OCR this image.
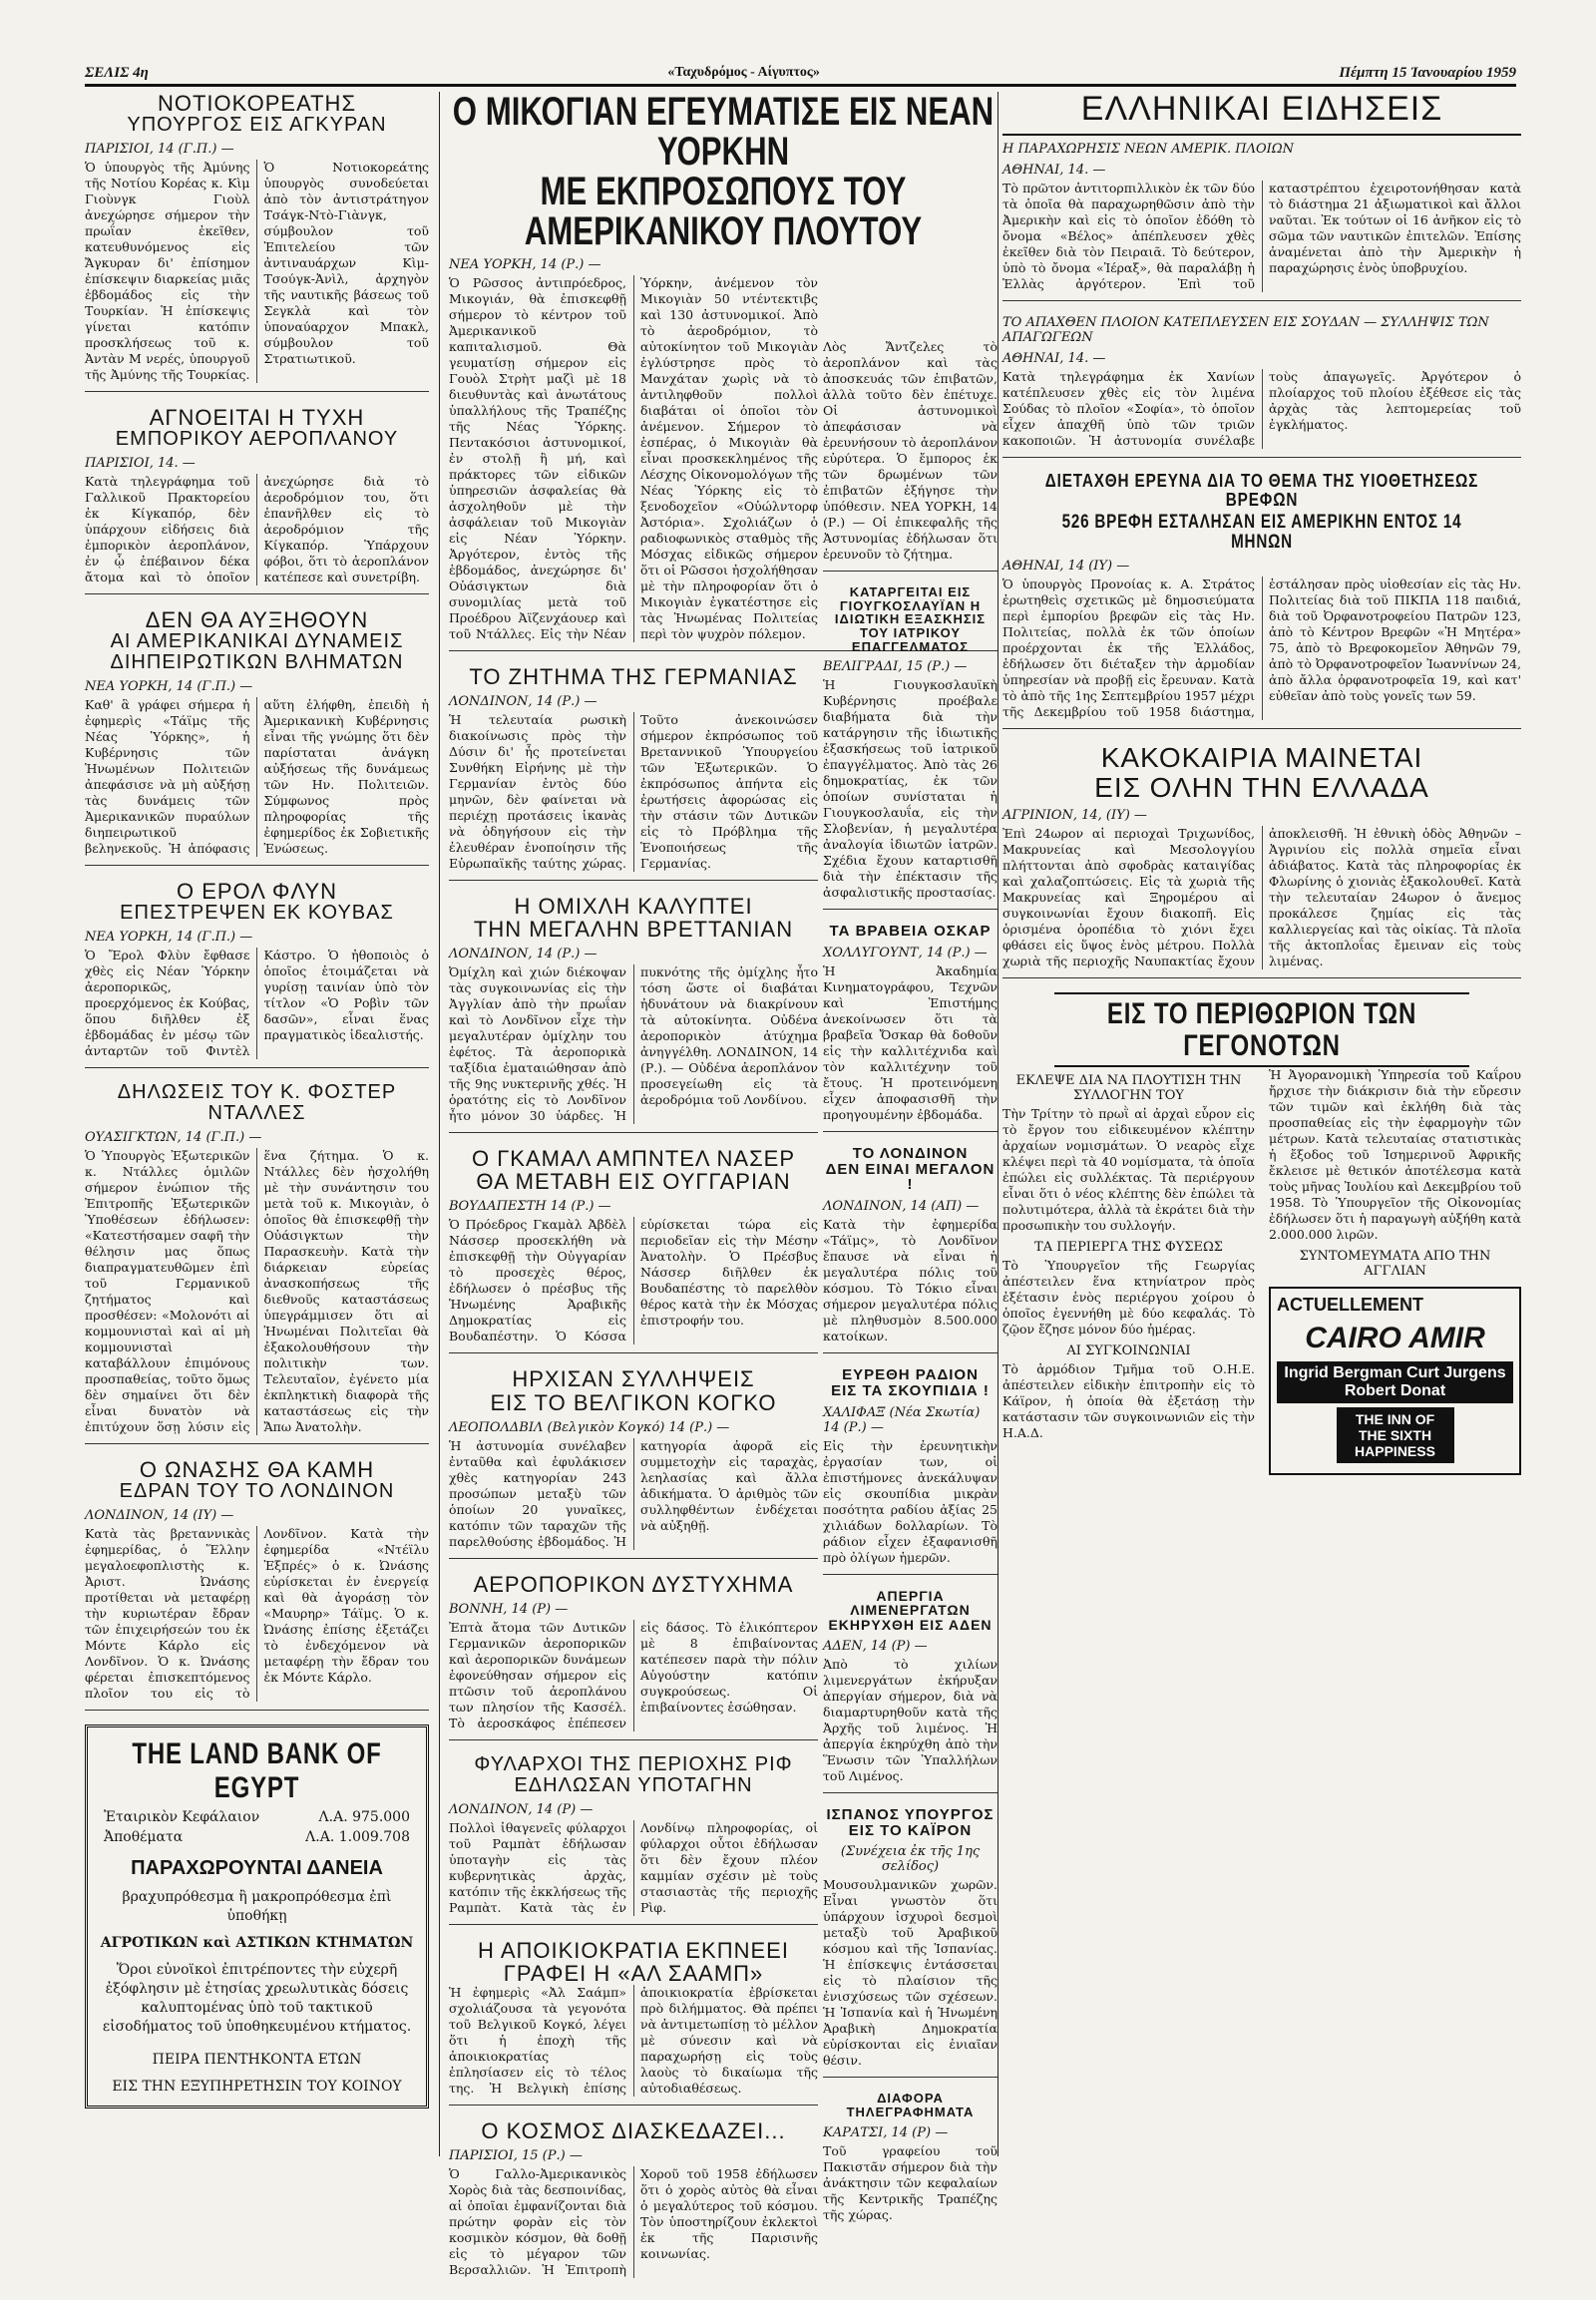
ΣΕΛΙΣ 4η	«Ταχυδρόμος - Αίγυπτος»	Πέμπτη 15 Ἰανουαρίου 1959
ΝΟΤΙΟΚΟΡΕΑΤΗΣ
ΥΠΟΥΡΓΟΣ ΕΙΣ ΑΓΚΥΡΑΝ
ΠΑΡΙΣΙΟΙ, 14 (Γ.Π.) —
Ὁ ὑπουργὸς τῆς Ἀμύνης τῆς Νοτίου Κορέας κ. Κὶμ Γιοὺνγκ Γιοὺλ ἀνεχώρησε σήμερον τὴν πρωΐαν ἐκεῖθεν, κατευθυνόμενος εἰς Ἄγκυραν δι' ἐπίσημον ἐπίσκεψιν διαρκείας μιᾶς ἑβδομάδος εἰς τὴν Τουρκίαν. Ἡ ἐπίσκεψις γίνεται κατόπιν προσκλήσεως τοῦ κ. Ἀντὰν Μ νερές, ὑπουργοῦ τῆς Ἀμύνης τῆς Τουρκίας. Ὁ Νοτιοκορεάτης ὑπουργὸς συνοδεύεται ἀπὸ τὸν ἀντιστράτηγον Τσάγκ-Ντὸ-Γιὰνγκ, σύμβουλον τοῦ Ἐπιτελείου τῶν ἀντιναυάρχων Κὶμ-Τσούγκ-Ἀνὶλ, ἀρχηγὸν τῆς ναυτικῆς βάσεως τοῦ Σεγκλὰ καὶ τὸν ὑποναύαρχον Μπακλ, σύμβουλον τοῦ Στρατιωτικοῦ.
ΑΓΝΟΕΙΤΑΙ Η ΤΥΧΗ
ΕΜΠΟΡΙΚΟΥ ΑΕΡΟΠΛΑΝΟΥ
ΠΑΡΙΣΙΟΙ, 14. —
Κατὰ τηλεγράφημα τοῦ Γαλλικοῦ Πρακτορείου ἐκ Κίγκαπόρ, δὲν ὑπάρχουν εἰδήσεις διὰ ἐμπορικὸν ἀεροπλάνον, ἐν ᾧ ἐπέβαινον δέκα ἄτομα καὶ τὸ ὁποῖον ἀνεχώρησε διὰ τὸ ἀεροδρόμιον του, ὅτι ἐπανῆλθεν εἰς τὸ ἀεροδρόμιον τῆς Κίγκαπόρ. Ὑπάρχουν φόβοι, ὅτι τὸ ἀεροπλάνον κατέπεσε καὶ συνετρίβη.
ΔΕΝ ΘΑ ΑΥΞΗΘΟΥΝ
ΑΙ ΑΜΕΡΙΚΑΝΙΚΑΙ ΔΥΝΑΜΕΙΣ
ΔΙΗΠΕΙΡΩΤΙΚΩΝ ΒΛΗΜΑΤΩΝ
ΝΕΑ ΥΟΡΚΗ, 14 (Γ.Π.) —
Καθ' ἃ γράφει σήμερα ἡ ἐφημερὶς «Τάϊμς τῆς Νέας Ὑόρκης», ἡ Κυβέρνησις τῶν Ἡνωμένων Πολιτειῶν ἀπεφάσισε νὰ μὴ αὐξήσῃ τὰς δυνάμεις τῶν Ἀμερικανικῶν πυραύλων διηπειρωτικοῦ βεληνεκοῦς. Ἡ ἀπόφασις αὕτη ἐλήφθη, ἐπειδὴ ἡ Ἀμερικανικὴ Κυβέρνησις εἶναι τῆς γνώμης ὅτι δὲν παρίσταται ἀνάγκη αὐξήσεως τῆς δυνάμεως τῶν Ην. Πολιτειῶν. Σύμφωνος πρὸς πληροφορίας τῆς ἐφημερίδος ἐκ Σοβιετικῆς Ἑνώσεως.
Ο ΕΡΟΛ ΦΛΥΝ
ΕΠΕΣΤΡΕΨΕΝ ΕΚ ΚΟΥΒΑΣ
ΝΕΑ ΥΟΡΚΗ, 14 (Γ.Π.) —
Ὁ Ἔρολ Φλὺν ἔφθασε χθὲς εἰς Νέαν Ὑόρκην ἀεροπορικῶς, προερχόμενος ἐκ Κούβας, ὅπου διῆλθεν ἐξ ἑβδομάδας ἐν μέσῳ τῶν ἀνταρτῶν τοῦ Φιντὲλ Κάστρο. Ὁ ἠθοποιὸς ὁ ὁποῖος ἑτοιμάζεται νὰ γυρίσῃ ταινίαν ὑπὸ τὸν τίτλον «Ὁ Ροβὶν τῶν δασῶν», εἶναι ἕνας πραγματικὸς ἰδεαλιστής.
ΔΗΛΩΣΕΙΣ ΤΟΥ Κ. ΦΟΣΤΕΡ ΝΤΑΛΛΕΣ
ΟΥΑΣΙΓΚΤΩΝ, 14 (Γ.Π.) —
Ὁ Ὑπουργὸς Ἐξωτερικῶν κ. Ντάλλες ὁμιλῶν σήμερον ἐνώπιον τῆς Ἐπιτροπῆς Ἐξωτερικῶν Ὑποθέσεων ἐδήλωσεν: «Κατεστήσαμεν σαφῆ τὴν θέλησιν μας ὅπως διαπραγματευθῶμεν ἐπὶ τοῦ Γερμανικοῦ ζητήματος καὶ προσθέσεν: «Μολονότι αἱ κομμουνισταὶ καὶ αἱ μὴ κομμουνισταὶ καταβάλλουν ἐπιμόνους προσπαθείας, τοῦτο ὅμως δὲν σημαίνει ὅτι δὲν εἶναι δυνατὸν νὰ ἐπιτύχουν ὅσῃ λύσιν εἰς ἕνα ζήτημα. Ὁ κ. Ντάλλες δὲν ἠσχολήθη μὲ τὴν συνάντησιν του μετὰ τοῦ κ. Μικογιὰν, ὁ ὁποῖος θὰ ἐπισκεφθῇ τὴν Οὐάσιγκτων τὴν Παρασκευὴν. Κατὰ τὴν διάρκειαν εὐρείας ἀνασκοπήσεως τῆς διεθνοῦς καταστάσεως ὑπεγράμμισεν ὅτι αἱ Ἡνωμέναι Πολιτεῖαι θὰ ἐξακολουθήσουν τὴν πολιτικὴν των. Τελευταῖον, ἐγένετο μία ἐκπληκτικὴ διαφορὰ τῆς καταστάσεως εἰς τὴν Ἄπω Ἀνατολὴν.
Ο ΩΝΑΣΗΣ ΘΑ ΚΑΜΗ
ΕΔΡΑΝ ΤΟΥ ΤΟ ΛΟΝΔΙΝΟΝ
ΛΟΝΔΙΝΟΝ, 14 (ΙΥ) —
Κατὰ τὰς βρεταννικὰς ἐφημερίδας, ὁ Ἕλλην μεγαλοεφοπλιστὴς κ. Ἀριστ. Ὠνάσης προτίθεται νὰ μεταφέρῃ τὴν κυριωτέραν ἔδραν τῶν ἐπιχειρήσεών του ἐκ Μόντε Κάρλο εἰς Λονδῖνον. Ὁ κ. Ὠνάσης φέρεται ἐπισκεπτόμενος πλοῖον του εἰς τὸ Λονδῖνον. Κατὰ τὴν ἐφημερίδα «Ντέϊλυ Ἐξπρές» ὁ κ. Ὠνάσης εὑρίσκεται ἐν ἐνεργείᾳ καὶ θὰ ἀγοράσῃ τὸν «Μαυρηρ» Τάϊμς. Ὁ κ. Ὠνάσης ἐπίσης ἐξετάζει τὸ ἐνδεχόμενον νὰ μεταφέρῃ τὴν ἔδραν του ἐκ Μόντε Κάρλο.
THE LAND BANK OF EGYPT
Ἐταιρικὸν Κεφάλαιον	Λ.Α. 975.000
Ἀποθέματα	Λ.Α. 1.009.708
ΠΑΡΑΧΩΡΟΥΝΤΑΙ ΔΑΝΕΙΑ
βραχυπρόθεσμα ἢ μακροπρόθεσμα ἐπὶ ὑποθήκῃ
ΑΓΡΟΤΙΚΩΝ καὶ ΑΣΤΙΚΩΝ ΚΤΗΜΑΤΩΝ
Ὅροι εὐνοϊκοὶ ἐπιτρέποντες τὴν εὐχερῆ ἐξόφλησιν μὲ ἐτησίας χρεωλυτικὰς δόσεις καλυπτομένας ὑπὸ τοῦ τακτικοῦ εἰσοδήματος τοῦ ὑποθηκευμένου κτήματος.
ΠΕΙΡΑ ΠΕΝΤΗΚΟΝΤΑ ΕΤΩΝ
ΕΙΣ ΤΗΝ ΕΞΥΠΗΡΕΤΗΣΙΝ ΤΟΥ ΚΟΙΝΟΥ
Ο ΜΙΚΟΓΙΑΝ ΕΓΕΥΜΑΤΙΣΕ ΕΙΣ ΝΕΑΝ ΥΟΡΚΗΝ
ΜΕ ΕΚΠΡΟΣΩΠΟΥΣ ΤΟΥ ΑΜΕΡΙΚΑΝΙΚΟΥ ΠΛΟΥΤΟΥ
ΝΕΑ ΥΟΡΚΗ, 14 (Ρ.) —
Ὁ Ρῶσσος ἀντιπρόεδρος, Μικογιάν, θὰ ἐπισκεφθῇ σήμερον τὸ κέντρον τοῦ Ἀμερικανικοῦ καπιταλισμοῦ. Θὰ γευματίσῃ σήμερον εἰς Γουὸλ Στρὴτ μαζὶ μὲ 18 διευθυντὰς καὶ ἀνωτάτους ὑπαλλήλους τῆς Τραπέζης τῆς Νέας Ὑόρκης. Πεντακόσιοι ἀστυνομικοί, ἐν στολῇ ἢ μή, καὶ πράκτορες τῶν εἰδικῶν ὑπηρεσιῶν ἀσφαλείας θὰ ἀσχοληθοῦν μὲ τὴν ἀσφάλειαν τοῦ Μικογιὰν εἰς Νέαν Ὑόρκην. Ἀργότερον, ἐντὸς τῆς ἑβδομάδος, ἀνεχώρησε δι' Οὐάσιγκτων διὰ συνομιλίας μετὰ τοῦ Προέδρου Ἀϊζενχάουερ καὶ τοῦ Ντάλλες. Εἰς τὴν Νέαν Ὑόρκην, ἀνέμενον τὸν Μικογιὰν 50 ντέντεκτιβς καὶ 130 ἀστυνομικοί. Ἀπὸ τὸ ἀεροδρόμιον, τὸ αὐτοκίνητον τοῦ Μικογιὰν ἐγλύστρησε πρὸς τὸ Μανχάταν χωρὶς νὰ τὸ ἀντιληφθοῦν πολλοὶ διαβάται οἱ ὁποῖοι τὸν ἀνέμενον. Σήμερον τὸ ἑσπέρας, ὁ Μικογιὰν θὰ εἶναι προσκεκλημένος τῆς Λέσχης Οἰκονομολόγων τῆς Νέας Ὑόρκης εἰς τὸ ξενοδοχεῖον «Οὐώλντορφ Ἀστόρια». Σχολιάζων ὁ ραδιοφωνικὸς σταθμὸς τῆς Μόσχας εἰδικῶς σήμερον ὅτι οἱ Ρῶσσοι ἠσχολήθησαν μὲ τὴν πληροφορίαν ὅτι ὁ Μικογιὰν ἐγκατέστησε εἰς τὰς Ἡνωμένας Πολιτείας περὶ τὸν ψυχρὸν πόλεμον.
ΤΟ ΖΗΤΗΜΑ ΤΗΣ ΓΕΡΜΑΝΙΑΣ
ΛΟΝΔΙΝΟΝ, 14 (Ρ.) —
Ἡ τελευταία ρωσικὴ διακοίνωσις πρὸς τὴν Δύσιν δι' ἧς προτείνεται Συνθήκη Εἰρήνης μὲ τὴν Γερμανίαν ἐντὸς δύο μηνῶν, δὲν φαίνεται νὰ περιέχῃ προτάσεις ἱκανὰς νὰ ὁδηγήσουν εἰς τὴν ἐλευθέραν ἑνοποίησιν τῆς Εὐρωπαϊκῆς ταύτης χώρας. Τοῦτο ἀνεκοινώσεν σήμερον ἐκπρόσωπος τοῦ Βρεταννικοῦ Ὑπουργείου τῶν Ἐξωτερικῶν. Ὁ ἐκπρόσωπος ἀπήντα εἰς ἐρωτήσεις ἀφορώσας εἰς τὴν στάσιν τῶν Δυτικῶν εἰς τὸ Πρόβλημα τῆς Ἑνοποιήσεως τῆς Γερμανίας.
Η ΟΜΙΧΛΗ ΚΑΛΥΠΤΕΙ
ΤΗΝ ΜΕΓΑΛΗΝ ΒΡΕΤΤΑΝΙΑΝ
ΛΟΝΔΙΝΟΝ, 14 (Ρ.) —
Ὀμίχλη καὶ χιών διέκοψαν τὰς συγκοινωνίας εἰς τὴν Ἀγγλίαν ἀπὸ τὴν πρωΐαν καὶ τὸ Λονδῖνον εἶχε τὴν μεγαλυτέραν ὁμίχλην του ἐφέτος. Τὰ ἀεροπορικὰ ταξίδια ἐματαιώθησαν ἀπὸ τῆς 9ης νυκτερινῆς χθές. Ἡ ὁρατότης εἰς τὸ Λονδῖνον ἦτο μόνον 30 ὑάρδες. Ἡ πυκνότης τῆς ὀμίχλης ἦτο τόση ὥστε οἱ διαβάται ἠδυνάτουν νὰ διακρίνουν τὰ αὐτοκίνητα. Οὐδένα ἀεροπορικὸν ἀτύχημα ἀνηγγέλθη. ΛΟΝΔΙΝΟΝ, 14 (Ρ.). — Οὐδένα ἀεροπλάνον προσεγείωθη εἰς τὰ ἀεροδρόμια τοῦ Λονδίνου.
Ο ΓΚΑΜΑΛ ΑΜΠΝΤΕΛ ΝΑΣΕΡ
ΘΑ ΜΕΤΑΒΗ ΕΙΣ ΟΥΓΓΑΡΙΑΝ
ΒΟΥΔΑΠΕΣΤΗ 14 (Ρ.) —
Ὁ Πρόεδρος Γκαμὰλ Ἀβδὲλ Νάσσερ προσεκλήθη νὰ ἐπισκεφθῇ τὴν Οὐγγαρίαν τὸ προσεχὲς θέρος, ἐδήλωσεν ὁ πρέσβυς τῆς Ἡνωμένης Ἀραβικῆς Δημοκρατίας εἰς Βουδαπέστην. Ὁ Κόσσα εὑρίσκεται τώρα εἰς περιοδεῖαν εἰς τὴν Μέσην Ἀνατολὴν. Ὁ Πρέσβυς Νάσσερ διῆλθεν ἐκ Βουδαπέστης τὸ παρελθὸν θέρος κατὰ τὴν ἐκ Μόσχας ἐπιστροφήν του.
ΗΡΧΙΣΑΝ ΣΥΛΛΗΨΕΙΣ
ΕΙΣ ΤΟ ΒΕΛΓΙΚΟΝ ΚΟΓΚΟ
ΛΕΟΠΟΛΔΒΙΛ (Βελγικὸν Κογκό) 14 (Ρ.) —
Ἡ ἀστυνομία συνέλαβεν ἐνταῦθα καὶ ἐφυλάκισεν χθὲς κατηγορίαν 243 προσώπων μεταξὺ τῶν ὁποίων 20 γυναῖκες, κατόπιν τῶν ταραχῶν τῆς παρελθούσης ἑβδομάδος. Ἡ κατηγορία ἀφορᾶ εἰς συμμετοχὴν εἰς ταραχὰς, λεηλασίας καὶ ἄλλα ἀδικήματα. Ὁ ἀριθμὸς τῶν συλληφθέντων ἐνδέχεται νὰ αὐξηθῇ.
ΑΕΡΟΠΟΡΙΚΟΝ ΔΥΣΤΥΧΗΜΑ
ΒΟΝΝΗ, 14 (Ρ) —
Ἐπτὰ ἄτομα τῶν Δυτικῶν Γερμανικῶν ἀεροπορικῶν καὶ ἀεροπορικῶν δυνάμεων ἐφονεύθησαν σήμερον εἰς πτῶσιν τοῦ ἀεροπλάνου των πλησίον τῆς Κασσέλ. Τὸ ἀεροσκάφος ἐπέπεσεν εἰς δάσος. Τὸ ἐλικόπτερον μὲ 8 ἐπιβαίνοντας κατέπεσεν παρὰ τὴν πόλιν Αὐγούστην κατόπιν συγκρούσεως. Οἱ ἐπιβαίνοντες ἐσώθησαν.
ΦΥΛΑΡΧΟΙ ΤΗΣ ΠΕΡΙΟΧΗΣ ΡΙΦ
ΕΔΗΛΩΣΑΝ ΥΠΟΤΑΓΗΝ
ΛΟΝΔΙΝΟΝ, 14 (Ρ) —
Πολλοὶ ἰθαγενεῖς φύλαρχοι τοῦ Ραμπὰτ ἐδήλωσαν ὑποταγὴν εἰς τὰς κυβερνητικὰς ἀρχὰς, κατόπιν τῆς ἐκκλήσεως τῆς Ραμπὰτ. Κατὰ τὰς ἐν Λονδίνῳ πληροφορίας, οἱ φύλαρχοι οὗτοι ἐδήλωσαν ὅτι δὲν ἔχουν πλέον καμμίαν σχέσιν μὲ τοὺς στασιαστὰς τῆς περιοχῆς Ρὶφ.
Η ΑΠΟΙΚΙΟΚΡΑΤΙΑ ΕΚΠΝΕΕΙ
ΓΡΑΦΕΙ Η «ΑΛ ΣΑΑΜΠ»
Ἡ ἐφημερὶς «Ἀλ Σαάμπ» σχολιάζουσα τὰ γεγονότα τοῦ Βελγικοῦ Κογκό, λέγει ὅτι ἡ ἐποχὴ τῆς ἀποικιοκρατίας ἐπλησίασεν εἰς τὸ τέλος της. Ἡ Βελγικὴ ἐπίσης ἀποικιοκρατία ἐβρίσκεται πρὸ διλήμματος. Θὰ πρέπει νὰ ἀντιμετωπίσῃ τὸ μέλλον μὲ σύνεσιν καὶ νὰ παραχωρήσῃ εἰς τοὺς λαοὺς τὸ δικαίωμα τῆς αὐτοδιαθέσεως.
Ο ΚΟΣΜΟΣ ΔΙΑΣΚΕΔΑΖΕΙ...
ΠΑΡΙΣΙΟΙ, 15 (Ρ.) —
Ὁ Γαλλο-Ἀμερικανικὸς Χορὸς διὰ τὰς δεσποινίδας, αἱ ὁποῖαι ἐμφανίζονται διὰ πρώτην φορὰν εἰς τὸν κοσμικὸν κόσμον, θὰ δοθῇ εἰς τὸ μέγαρον τῶν Βερσαλλιῶν. Ἡ Ἐπιτροπὴ Χοροῦ τοῦ 1958 ἐδήλωσεν ὅτι ὁ χορὸς αὐτὸς θὰ εἶναι ὁ μεγαλύτερος τοῦ κόσμου. Τὸν ὑποστηρίζουν ἐκλεκτοὶ ἐκ τῆς Παρισινῆς κοινωνίας.
Λὸς Ἄντζελες τὸ ἀεροπλάνον καὶ τὰς ἀποσκευάς τῶν ἐπιβατῶν, ἀλλὰ τοῦτο δὲν ἐπέτυχε. Οἱ ἀστυνομικοὶ ἀπεφάσισαν νὰ ἐρευνήσουν τὸ ἀεροπλάνον εὐρύτερα. Ὁ ἔμπορος ἐκ τῶν δρωμένων τῶν ἐπιβατῶν ἐξήγησε τὴν ὑπόθεσιν. ΝΕΑ ΥΟΡΚΗ, 14 (Ρ.) — Οἱ ἐπικεφαλῆς τῆς Ἀστυνομίας ἐδήλωσαν ὅτι ἐρευνοῦν τὸ ζήτημα.
ΚΑΤΑΡΓΕΙΤΑΙ ΕΙΣ ΓΙΟΥΓΚΟΣΛΑΥΪΑΝ Η ΙΔΙΩΤΙΚΗ ΕΞΑΣΚΗΣΙΣ ΤΟΥ ΙΑΤΡΙΚΟΥ ΕΠΑΓΓΕΛΜΑΤΟΣ
ΒΕΛΙΓΡΑΔΙ, 15 (Ρ.) —
Ἡ Γιουγκοσλαυϊκὴ Κυβέρνησις προέβαλε διαβήματα διὰ τὴν κατάργησιν τῆς ἰδιωτικῆς ἐξασκήσεως τοῦ ἰατρικοῦ ἐπαγγέλματος. Ἀπὸ τὰς 26 δημοκρατίας, ἐκ τῶν ὁποίων συνίσταται ἡ Γιουγκοσλαυΐα, εἰς τὴν Σλοβενίαν, ἡ μεγαλυτέρα ἀναλογία ἰδιωτῶν ἰατρῶν. Σχέδια ἔχουν καταρτισθῆ διὰ τὴν ἐπέκτασιν τῆς ἀσφαλιστικῆς προστασίας.
ΤΑ ΒΡΑΒΕΙΑ ΟΣΚΑΡ
ΧΟΛΛΥΓΟΥΝΤ, 14 (Ρ.) —
Ἡ Ἀκαδημία Κινηματογράφου, Τεχνῶν καὶ Ἐπιστήμης ἀνεκοίνωσεν ὅτι τὰ βραβεῖα Ὄσκαρ θὰ δοθοῦν εἰς τὴν καλλιτέχνιδα καὶ τὸν καλλιτέχνην τοῦ ἔτους. Ἡ προτεινόμενη εἶχεν ἀποφασισθῆ τὴν προηγουμένην ἐβδομάδα.
ΤΟ ΛΟΝΔΙΝΟΝ
ΔΕΝ ΕΙΝΑΙ ΜΕΓΑΛΟΝ !
ΛΟΝΔΙΝΟΝ, 14 (ΑΠ) —
Κατὰ τὴν ἐφημερίδα «Τάϊμς», τὸ Λονδῖνον ἔπαυσε νὰ εἶναι ἡ μεγαλυτέρα πόλις τοῦ κόσμου. Τὸ Τόκιο εἶναι σήμερον μεγαλυτέρα πόλις μὲ πληθυσμὸν 8.500.000 κατοίκων.
ΕΥΡΕΘΗ ΡΑΔΙΟΝ
ΕΙΣ ΤΑ ΣΚΟΥΠΙΔΙΑ !
ΧΑΛΙΦΑΞ (Νέα Σκωτία) 14 (Ρ.) —
Εἰς τὴν ἐρευνητικὴν ἐργασίαν των, οἱ ἐπιστήμονες ἀνεκάλυψαν εἰς σκουπίδια μικρὰν ποσότητα ραδίου ἀξίας 25 χιλιάδων δολλαρίων. Τὸ ράδιον εἶχεν ἐξαφανισθῆ πρὸ ὀλίγων ἡμερῶν.
ΑΠΕΡΓΙΑ ΛΙΜΕΝΕΡΓΑΤΩΝ
ΕΚΗΡΥΧΘΗ ΕΙΣ ΑΔΕΝ
ΑΔΕΝ, 14 (Ρ) —
Ἀπὸ τὸ χιλίων λιμενεργάτων ἐκήρυξαν ἀπεργίαν σήμερον, διὰ νὰ διαμαρτυρηθοῦν κατὰ τῆς Ἀρχῆς τοῦ λιμένος. Ἡ ἀπεργία ἐκηρύχθη ἀπὸ τὴν Ἕνωσιν τῶν Ὑπαλλήλων τοῦ Λιμένος.
ΙΣΠΑΝΟΣ ΥΠΟΥΡΓΟΣ
ΕΙΣ ΤΟ ΚΑΪΡΟΝ
(Συνέχεια ἐκ τῆς 1ης σελίδος)
Μουσουλμανικῶν χωρῶν. Εἶναι γνωστὸν ὅτι ὑπάρχουν ἰσχυροὶ δεσμοὶ μεταξὺ τοῦ Ἀραβικοῦ κόσμου καὶ τῆς Ἱσπανίας. Ἡ ἐπίσκεψις ἐντάσσεται εἰς τὸ πλαίσιον τῆς ἐνισχύσεως τῶν σχέσεων. Ἡ Ἱσπανία καὶ ἡ Ἡνωμένη Ἀραβικὴ Δημοκρατία εὑρίσκονται εἰς ἐνιαῖαν θέσιν.
ΔΙΑΦΟΡΑ ΤΗΛΕΓΡΑΦΗΜΑΤΑ
ΚΑΡΑΤΣΙ, 14 (Ρ) —
Τοῦ γραφείου τοῦ Πακιστᾶν σήμερον διὰ τὴν ἀνάκτησιν τῶν κεφαλαίων τῆς Κεντρικῆς Τραπέζης τῆς χώρας.
ΕΛΛΗΝΙΚΑΙ ΕΙΔΗΣΕΙΣ
Η ΠΑΡΑΧΩΡΗΣΙΣ ΝΕΩΝ ΑΜΕΡΙΚ. ΠΛΟΙΩΝ
ΑΘΗΝΑΙ, 14. —
Τὸ πρῶτον ἀντιτορπιλλικὸν ἐκ τῶν δύο τὰ ὁποῖα θὰ παραχωρηθῶσιν ἀπὸ τὴν Ἀμερικὴν καὶ εἰς τὸ ὁποῖον ἐδόθη τὸ ὄνομα «Βέλος» ἀπέπλευσεν χθὲς ἐκεῖθεν διὰ τὸν Πειραιᾶ. Τὸ δεύτερον, ὑπὸ τὸ ὄνομα «Ἰέραξ», θὰ παραλάβῃ ἡ Ἑλλὰς ἀργότερον. Ἐπὶ τοῦ καταστρέπτου ἐχειροτονήθησαν κατὰ τὸ διάστημα 21 ἀξιωματικοὶ καὶ ἄλλοι ναῦται. Ἐκ τούτων οἱ 16 ἀνῆκον εἰς τὸ σῶμα τῶν ναυτικῶν ἐπιτελῶν. Ἐπίσης ἀναμένεται ἀπὸ τὴν Ἀμερικὴν ἡ παραχώρησις ἑνὸς ὑποβρυχίου.
ΤΟ ΑΠΑΧΘΕΝ ΠΛΟΙΟΝ ΚΑΤΕΠΛΕΥΣΕΝ ΕΙΣ ΣΟΥΔΑΝ — ΣΥΛΛΗΨΙΣ ΤΩΝ ΑΠΑΓΩΓΕΩΝ
ΑΘΗΝΑΙ, 14. —
Κατὰ τηλεγράφημα ἐκ Χανίων κατέπλευσεν χθὲς εἰς τὸν λιμένα Σούδας τὸ πλοῖον «Σοφία», τὸ ὁποῖον εἶχεν ἀπαχθῆ ὑπὸ τῶν τριῶν κακοποιῶν. Ἡ ἀστυνομία συνέλαβε τοὺς ἀπαγωγεῖς. Ἀργότερον ὁ πλοίαρχος τοῦ πλοίου ἐξέθεσε εἰς τὰς ἀρχὰς τὰς λεπτομερείας τοῦ ἐγκλήματος.
ΔΙΕΤΑΧΘΗ ΕΡΕΥΝΑ ΔΙΑ ΤΟ ΘΕΜΑ ΤΗΣ ΥΙΟΘΕΤΗΣΕΩΣ ΒΡΕΦΩΝ
526 ΒΡΕΦΗ ΕΣΤΑΛΗΣΑΝ ΕΙΣ ΑΜΕΡΙΚΗΝ ΕΝΤΟΣ 14 ΜΗΝΩΝ
ΑΘΗΝΑΙ, 14 (ΙΥ) —
Ὁ ὑπουργὸς Προνοίας κ. Α. Στράτος ἐρωτηθεὶς σχετικῶς μὲ δημοσιεύματα περὶ ἐμπορίου βρεφῶν εἰς τὰς Ην. Πολιτείας, πολλὰ ἐκ τῶν ὁποίων προέρχονται ἐκ τῆς Ἑλλάδος, ἐδήλωσεν ὅτι διέταξεν τὴν ἁρμοδίαν ὑπηρεσίαν νὰ προβῇ εἰς ἔρευναν. Κατὰ τὸ ἀπὸ τῆς 1ης Σεπτεμβρίου 1957 μέχρι τῆς Δεκεμβρίου τοῦ 1958 διάστημα, ἐστάλησαν πρὸς υἱοθεσίαν εἰς τὰς Ην. Πολιτείας διὰ τοῦ ΠΙΚΠΑ 118 παιδιά, διὰ τοῦ Ὀρφανοτροφείου Πατρῶν 123, ἀπὸ τὸ Κέντρον Βρεφῶν «Ἡ Μητέρα» 75, ἀπὸ τὸ Βρεφοκομεῖον Ἀθηνῶν 79, ἀπὸ τὸ Ὀρφανοτροφεῖον Ἰωαννίνων 24, ἀπὸ ἄλλα ὀρφανοτροφεῖα 19, καὶ κατ' εὐθεῖαν ἀπὸ τοὺς γονεῖς των 59.
ΚΑΚΟΚΑΙΡΙΑ ΜΑΙΝΕΤΑΙ
ΕΙΣ ΟΛΗΝ ΤΗΝ ΕΛΛΑΔΑ
ΑΓΡΙΝΙΟΝ, 14, (ΙΥ) —
Ἐπὶ 24ωρον αἱ περιοχαὶ Τριχωνίδος, Μακρυνείας καὶ Μεσολογγίου πλήττονται ἀπὸ σφοδρὰς καταιγίδας καὶ χαλαζοπτώσεις. Εἰς τὰ χωριὰ τῆς Μακρυνείας καὶ Ξηρομέρου αἱ συγκοινωνίαι ἔχουν διακοπῆ. Εἰς ὁρισμένα ὀροπέδια τὸ χιόνι ἔχει φθάσει εἰς ὕψος ἑνὸς μέτρου. Πολλὰ χωριὰ τῆς περιοχῆς Ναυπακτίας ἔχουν ἀποκλεισθῆ. Ἡ ἐθνικὴ ὁδὸς Ἀθηνῶν – Ἀγρινίου εἰς πολλὰ σημεῖα εἶναι ἀδιάβατος. Κατὰ τὰς πληροφορίας ἐκ Φλωρίνης ὁ χιονιὰς ἐξακολουθεῖ. Κατὰ τὴν τελευταίαν 24ωρον ὁ ἄνεμος προκάλεσε ζημίας εἰς τὰς καλλιεργείας καὶ τὰς οἰκίας. Τὰ πλοῖα τῆς ἀκτοπλοΐας ἔμειναν εἰς τοὺς λιμένας.
ΕΙΣ ΤΟ ΠΕΡΙΘΩΡΙΟΝ ΤΩΝ ΓΕΓΟΝΟΤΩΝ
ΕΚΛΕΨΕ ΔΙΑ ΝΑ ΠΛΟΥΤΙΣΗ ΤΗΝ ΣΥΛΛΟΓΗΝ ΤΟΥ
Τὴν Τρίτην τὸ πρωῒ αἱ ἀρχαὶ εὗρον εἰς τὸ ἔργον του εἰδικευμένον κλέπτην ἀρχαίων νομισμάτων. Ὁ νεαρὸς εἶχε κλέψει περὶ τὰ 40 νομίσματα, τὰ ὁποῖα ἐπώλει εἰς συλλέκτας. Τὰ περιέργουν εἶναι ὅτι ὁ νέος κλέπτης δὲν ἐπώλει τὰ πολυτιμότερα, ἀλλὰ τὰ ἐκράτει διὰ τὴν προσωπικὴν του συλλογήν.
ΤΑ ΠΕΡΙΕΡΓΑ ΤΗΣ ΦΥΣΕΩΣ
Τὸ Ὑπουργεῖον τῆς Γεωργίας ἀπέστειλεν ἕνα κτηνίατρον πρὸς ἐξέτασιν ἑνὸς περιέργου χοίρου ὁ ὁποῖος ἐγεννήθη μὲ δύο κεφαλάς. Τὸ ζῷον ἔζησε μόνον δύο ἡμέρας.
ΑΙ ΣΥΓΚΟΙΝΩΝΙΑΙ
Τὸ ἁρμόδιον Τμῆμα τοῦ Ο.Η.Ε. ἀπέστειλεν εἰδικὴν ἐπιτροπὴν εἰς τὸ Κάϊρον, ἡ ὁποία θὰ ἐξετάσῃ τὴν κατάστασιν τῶν συγκοινωνιῶν εἰς τὴν Η.Α.Δ.
Ἡ Ἀγορανομικὴ Ὑπηρεσία τοῦ Καΐρου ἤρχισε τὴν διάκρισιν διὰ τὴν εὔρεσιν τῶν τιμῶν καὶ ἐκλήθη διὰ τὰς προσπαθείας εἰς τὴν ἐφαρμογὴν τῶν μέτρων. Κατὰ τελευταίας στατιστικὰς ἡ ἔξοδος τοῦ Ἰσημερινοῦ Ἀφρικῆς ἔκλεισε μὲ θετικόν ἀποτέλεσμα κατὰ τοὺς μῆνας Ἰουλίου καὶ Δεκεμβρίου τοῦ 1958. Τὸ Ὑπουργεῖον τῆς Οἰκονομίας ἐδήλωσεν ὅτι ἡ παραγωγὴ αὐξήθη κατὰ 2.000.000 λιρῶν.
ΣΥΝΤΟΜΕΥΜΑΤΑ ΑΠΟ ΤΗΝ ΑΓΓΛΙΑΝ
ACTUELLEMENT
CAIRO AMIR
Ingrid Bergman Curt Jurgens Robert Donat
THE INN OF THE SIXTH HAPPINESS
